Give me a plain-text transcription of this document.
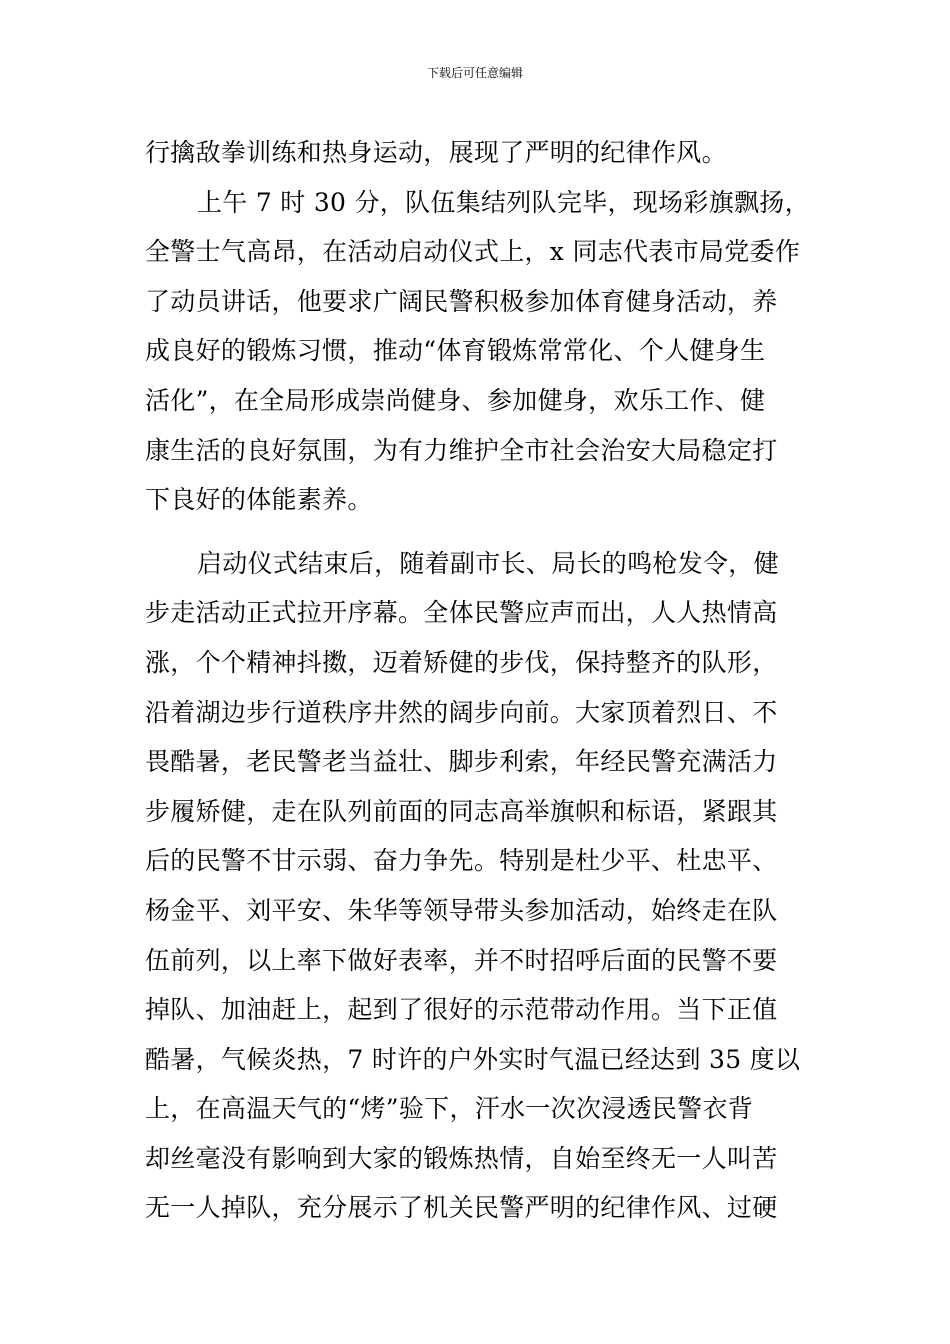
下载后可任意编辑
行擒敌拳训练和热身运动，展现了严明的纪律作风。
上午 7 时 30 分，队伍集结列队完毕，现场彩旗飘扬，
全警士气高昂，在活动启动仪式上，x 同志代表市局党委作
了动员讲话，他要求广阔民警积极参加体育健身活动，养
成良好的锻炼习惯，推动“体育锻炼常常化、个人健身生
活化”，在全局形成崇尚健身、参加健身，欢乐工作、健
康生活的良好氛围，为有力维护全市社会治安大局稳定打
下良好的体能素养。
启动仪式结束后，随着副市长、局长的鸣枪发令，健
步走活动正式拉开序幕。全体民警应声而出，人人热情高
涨，个个精神抖擞，迈着矫健的步伐，保持整齐的队形，
沿着湖边步行道秩序井然的阔步向前。大家顶着烈日、不
畏酷暑，老民警老当益壮、脚步利索，年经民警充满活力
步履矫健，走在队列前面的同志高举旗帜和标语，紧跟其
后的民警不甘示弱、奋力争先。特别是杜少平、杜忠平、
杨金平、刘平安、朱华等领导带头参加活动，始终走在队
伍前列，以上率下做好表率，并不时招呼后面的民警不要
掉队、加油赶上，起到了很好的示范带动作用。当下正值
酷暑，气候炎热，7 时许的户外实时气温已经达到 35 度以
上，在高温天气的“烤”验下，汗水一次次浸透民警衣背
却丝毫没有影响到大家的锻炼热情，自始至终无一人叫苦
无一人掉队，充分展示了机关民警严明的纪律作风、过硬
